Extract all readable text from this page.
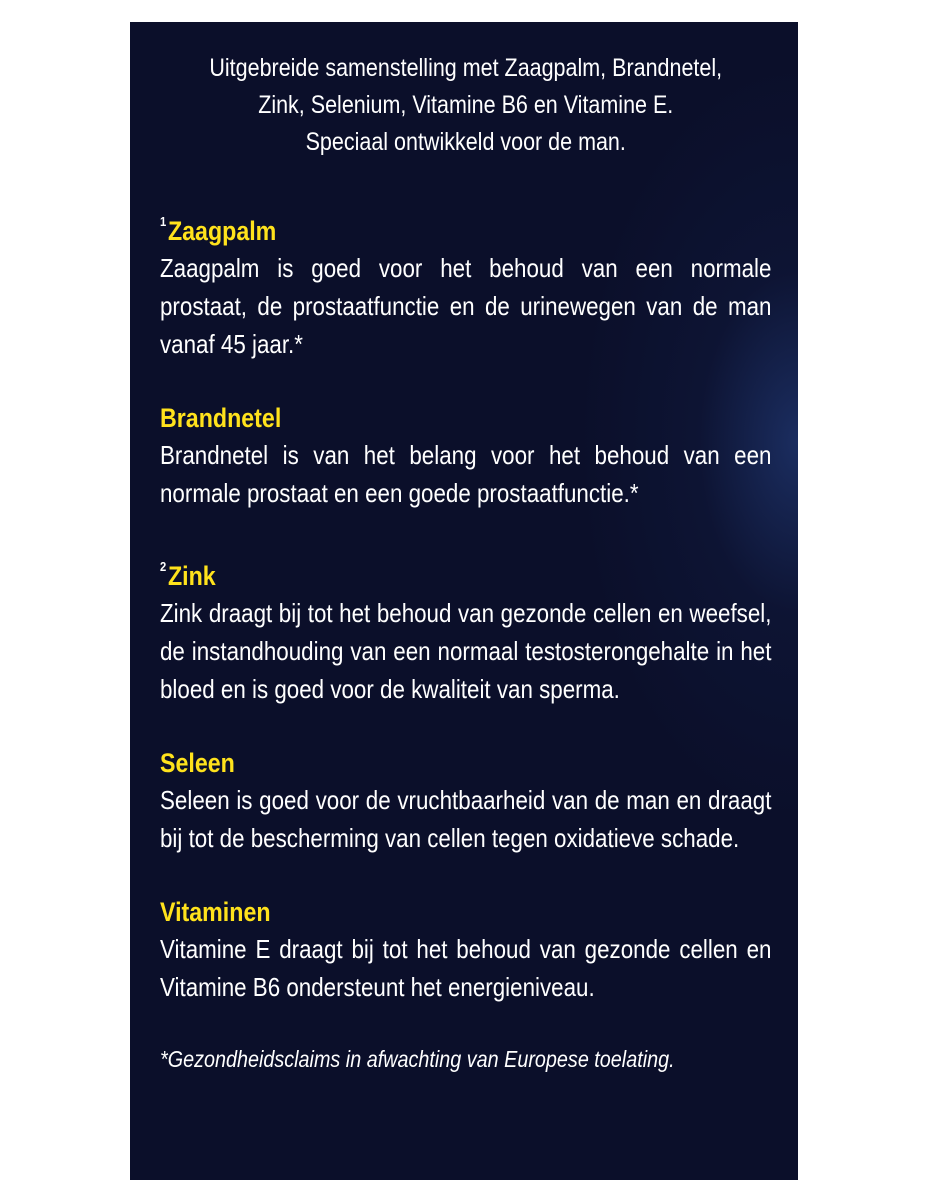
Uitgebreide samenstelling met Zaagpalm, Brandnetel,
Zink, Selenium, Vitamine B6 en Vitamine E.
Speciaal ontwikkeld voor de man.
$^1$Zaagpalm
Zaagpalm is goed voor het behoud van een normale prostaat, de prostaatfunctie en de urinewegen van de man vanaf 45 jaar.*
Brandnetel
Brandnetel is van het belang voor het behoud van een normale prostaat en een goede prostaatfunctie.*
$^2$Zink
Zink draagt bij tot het behoud van gezonde cellen en weefsel, de instandhouding van een normaal testosterongehalte in het bloed en is goed voor de kwaliteit van sperma.
Seleen
Seleen is goed voor de vruchtbaarheid van de man en draagt bij tot de bescherming van cellen tegen oxidatieve schade.
Vitaminen
Vitamine E draagt bij tot het behoud van gezonde cellen en Vitamine B6 ondersteunt het energieniveau.
*Gezondheidsclaims in afwachting van Europese toelating.
